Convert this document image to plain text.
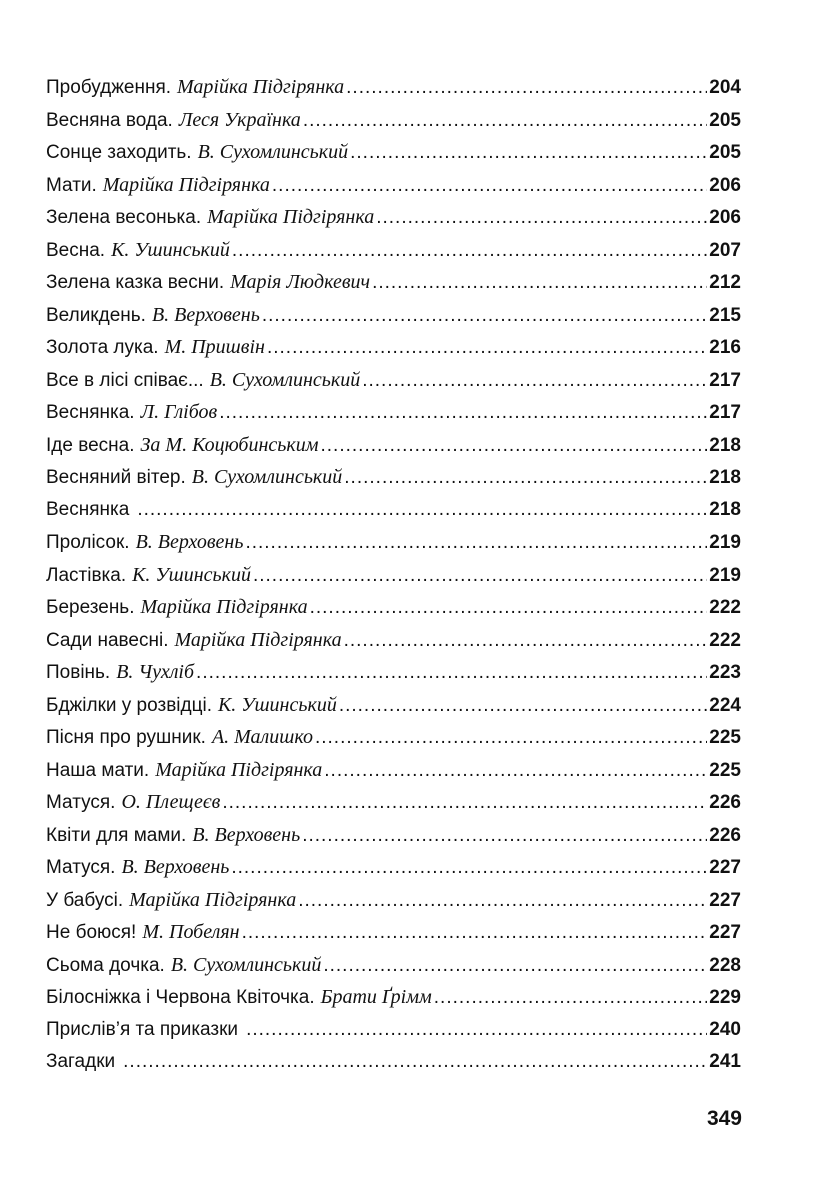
Пробудження. Марійка Підгірянка .....	204
Весняна вода. Леся Українка .....	205
Сонце заходить. В. Сухомлинський .....	205
Мати. Марійка Підгірянка .....	206
Зелена весонька. Марійка Підгірянка .....	206
Весна. К. Ушинський .....	207
Зелена казка весни. Марія Людкевич .....	212
Великдень. В. Верховень .....	215
Золота лука. М. Пришвін .....	216
Все в лісі співає... В. Сухомлинський .....	217
Веснянка. Л. Глібов .....	217
Іде весна. За М. Коцюбинським .....	218
Весняний вітер. В. Сухомлинський .....	218
Веснянка .....	218
Пролісок. В. Верховень .....	219
Ластівка. К. Ушинський .....	219
Березень. Марійка Підгірянка .....	222
Сади навесні. Марійка Підгірянка .....	222
Повінь. В. Чухліб .....	223
Бджілки у розвідці. К. Ушинський .....	224
Пісня про рушник. А. Малишко .....	225
Наша мати. Марійка Підгірянка .....	225
Матуся. О. Плещеєв .....	226
Квіти для мами. В. Верховень .....	226
Матуся. В. Верховень .....	227
У бабусі. Марійка Підгірянка .....	227
Не боюся! М. Побелян .....	227
Сьома дочка. В. Сухомлинський .....	228
Білосніжка і Червона Квіточка. Брати Ґрімм .....	229
Прислів’я та приказки .....	240
Загадки .....	241
349
